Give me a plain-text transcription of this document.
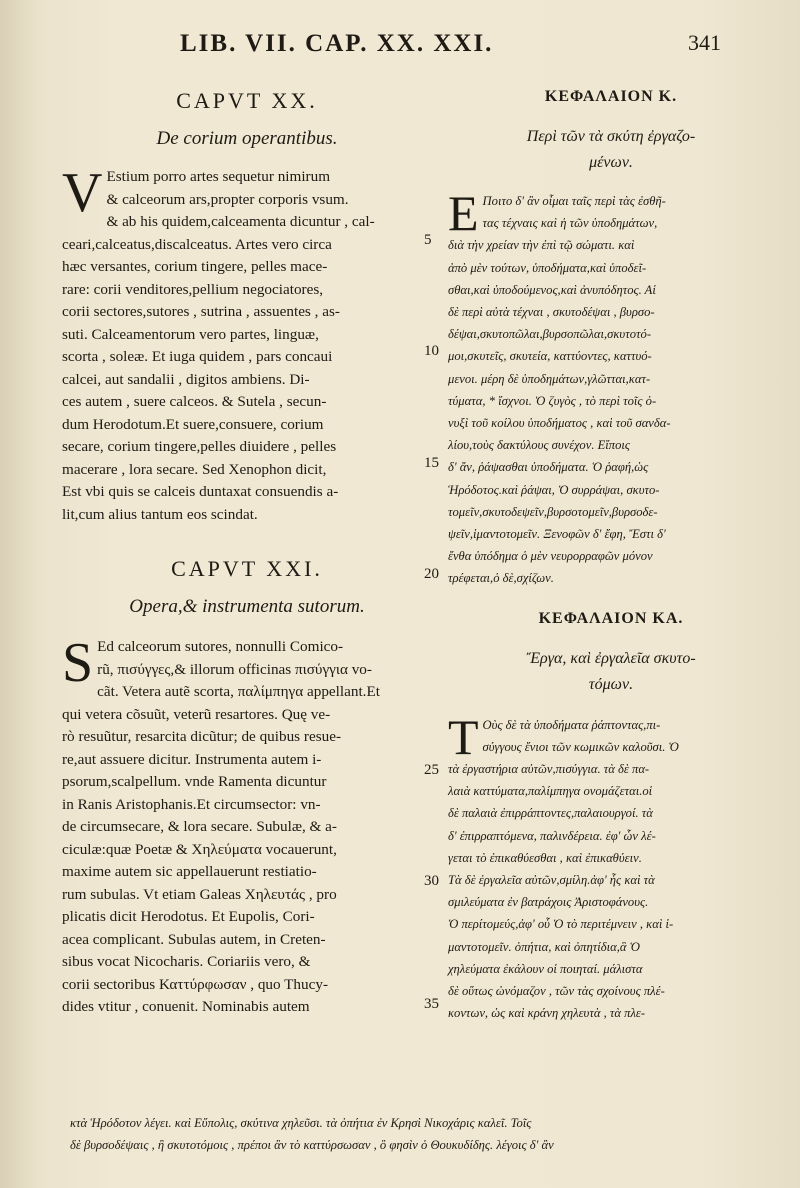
LIB. VII. CAP. XX. XXI.	341

CAPVT XX.

De corium operantibus.

V Estium porro artes sequetur nimirum
& calceorum ars,propter corporis vsum.
& ab his quidem,calceamenta dicuntur , cal-
ceari,calceatus,discalceatus. Artes vero circa
hæc versantes, corium tingere, pelles mace-
rare: corii venditores,pellium negociatores,
corii sectores,sutores , sutrina , assuentes , as-
suti. Calceamentorum vero partes, linguæ,
scorta , soleæ. Et iuga quidem , pars concaui
calcei, aut sandalii , digitos ambiens. Di-
ces autem , suere calceos. & Sutela , secun-
dum Herodotum.Et suere,consuere, corium
secare, corium tingere,pelles diuidere , pelles
macerare , lora secare. Sed Xenophon dicit,
Est vbi quis se calceis duntaxat consuendis a-
lit,cum alius tantum eos scindat.

CAPVT XXI.

Opera,& instrumenta sutorum.

S Ed calceorum sutores, nonnulli Comico-
rũ, πισύγγες,& illorum officinas πισύγγια vo-
cãt. Vetera autẽ scorta, παλίμπηγα appellant.Et
qui vetera cõsuũt, veterũ resartores. Quę ve-
rò resuũtur, resarcita dicũtur; de quibus resue-
re,aut assuere dicitur. Instrumenta autem i-
psorum,scalpellum. vnde Ramenta dicuntur
in Ranis Aristophanis.Et circumsector: vn-
de circumsecare, & lora secare. Subulæ, & a-
ciculæ:quæ Poetæ & Χηλεύματα vocauerunt,
maxime autem sic appellauerunt restiatio-
rum subulas. Vt etiam Galeas Χηλευτάς , pro
plicatis dicit Herodotus. Et Eupolis, Cori-
acea complicant. Subulas autem, in Creten-
sibus vocat Nicocharis. Coriariis vero, &
corii sectoribus Καττύρφωσαν , quo Thucy-
dides vtitur , conuenit. Nominabis autem
5
10
15
20
25
30
35

ΚΕΦΑΛΑΙΟΝ Κ.

Περὶ τῶν τὰ σκύτη ἐργαζο-

μένων.

Ε Ποιτο δ' ἂν οἶμαι ταῖς περὶ τὰς ἐσθῆ-
τας τέχναις καὶ ἡ τῶν ὑποδημάτων,
διὰ τὴν χρείαν τὴν ἐπὶ τῷ σώματι. καὶ
ἀπὸ μὲν τούτων, ὑποδήματα,καὶ ὑποδεῖ-
σθαι,καὶ ὑποδούμενος,καὶ ἀνυπόδητος. Αἱ
δὲ περὶ αὐτὰ τέχναι , σκυτοδέψαι , βυρσο-
δέψαι,σκυτοπῶλαι,βυρσοπῶλαι,σκυτοτό-
μοι,σκυτεῖς, σκυτεία, καττύοντες, καττυό-
μενοι. μέρη δὲ ὑποδημάτων,γλῶτται,κατ-
τύματα, * ἴσχνοι. Ὁ ζυγὸς , τὸ περὶ τοῖς ὀ-
νυξὶ τοῦ κοίλου ὑποδήματος , καὶ τοῦ σανδα-
λίου,τοὺς δακτύλους συνέχον. Εἴποις
δ' ἄν, ῥάψασθαι ὑποδήματα. Ὁ ῥαφή,ὡς
Ἡρόδοτος.καὶ ῥάψαι, Ὁ συρράψαι, σκυτο-
τομεῖν,σκυτοδεψεῖν,βυρσοτομεῖν,βυρσοδε-
ψεῖν,ἱμαντοτομεῖν. Ξενοφῶν δ' ἔφη, Ἔστι δ'
ἔνθα ὑπόδημα ὁ μὲν νευρορραφῶν μόνον
τρέφεται,ὁ δὲ,σχίζων.

ΚΕΦΑΛΑΙΟΝ ΚΑ.

Ἔργα, καὶ ἐργαλεῖα σκυτο-

τόμων.

Τ Οὺς δὲ τὰ ὑποδήματα ῥάπτοντας,πι-
σύγγους ἔνιοι τῶν κωμικῶν καλοῦσι. Ὁ
τὰ ἐργαστήρια αὐτῶν,πισύγγια. τὰ δὲ πα-
λαιὰ καττύματα,παλίμπηγα ονομάζεται.οἱ
δὲ παλαιὰ ἐπιρράπτοντες,παλαιουργοί. τὰ
δ' ἐπιρραπτόμενα, παλινδέρεια. ἐφ' ὧν λέ-
γεται τὸ ἐπικαθύεσθαι , καὶ ἐπικαθύειν.
Τὰ δὲ ἐργαλεῖα αὐτῶν,σμίλη.ἀφ' ἧς καὶ τὰ
σμιλεύματα ἐν βατράχοις Ἀριστοφάνους.
Ὁ περίτομεύς,ἀφ' οὗ Ὁ τὸ περιτέμνειν , καὶ ἱ-
μαντοτομεῖν. ὀπήτια, καὶ ὀπητίδια,ἃ Ὁ
χηλεύματα ἐκάλουν οἱ ποιηταί. μάλιστα
δὲ οὕτως ὠνόμαζον , τῶν τὰς σχοίνους πλέ-
κοντων, ὡς καὶ κράνη χηλευτὰ , τὰ πλε-
κτὰ Ἡρόδοτον λέγει. καὶ Εὔπολις, σκύτινα χηλεῦσι. τὰ ὀπήτια ἐν Κρησὶ Νικοχάρις καλεῖ. Τοῖς
δὲ βυρσοδέψαις , ἢ σκυτοτόμοις , πρέποι ἂν τὸ καττύρσωσαν , ὃ φησὶν ὁ Θουκυδίδης. λέγοις δ' ἂν
